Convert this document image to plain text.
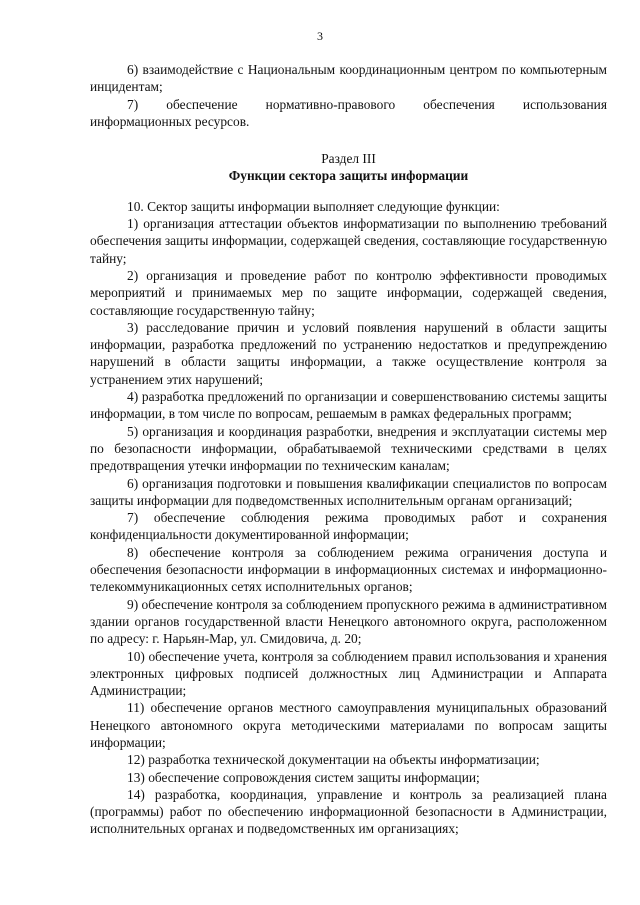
3

6) взаимодействие с Национальным координационным центром по компьютерным инцидентам;

7) обеспечение нормативно-правового обеспечения использования информационных ресурсов.

Раздел III

Функции сектора защиты информации

10. Сектор защиты информации выполняет следующие функции:

1) организация аттестации объектов информатизации по выполнению требований обеспечения защиты информации, содержащей сведения, составляющие государственную тайну;

2) организация и проведение работ по контролю эффективности проводимых мероприятий и принимаемых мер по защите информации, содержащей сведения, составляющие государственную тайну;

3) расследование причин и условий появления нарушений в области защиты информации, разработка предложений по устранению недостатков и предупреждению нарушений в области защиты информации, а также осуществление контроля за устранением этих нарушений;

4) разработка предложений по организации и совершенствованию системы защиты информации, в том числе по вопросам, решаемым в рамках федеральных программ;

5) организация и координация разработки, внедрения и эксплуатации системы мер по безопасности информации, обрабатываемой техническими средствами в целях предотвращения утечки информации по техническим каналам;

6) организация подготовки и повышения квалификации специалистов по вопросам защиты информации для подведомственных исполнительным органам организаций;

7) обеспечение соблюдения режима проводимых работ и сохранения конфиденциальности документированной информации;

8) обеспечение контроля за соблюдением режима ограничения доступа и обеспечения безопасности информации в информационных системах и информационно-телекоммуникационных сетях исполнительных органов;

9) обеспечение контроля за соблюдением пропускного режима в административном здании органов государственной власти Ненецкого автономного округа, расположенном по адресу: г. Нарьян-Мар, ул. Смидовича, д. 20;

10) обеспечение учета, контроля за соблюдением правил использования и хранения электронных цифровых подписей должностных лиц Администрации и Аппарата Администрации;

11) обеспечение органов местного самоуправления муниципальных образований Ненецкого автономного округа методическими материалами по вопросам защиты информации;

12) разработка технической документации на объекты информатизации;

13) обеспечение сопровождения систем защиты информации;

14) разработка, координация, управление и контроль за реализацией плана (программы) работ по обеспечению информационной безопасности в Администрации, исполнительных органах и подведомственных им организациях;
